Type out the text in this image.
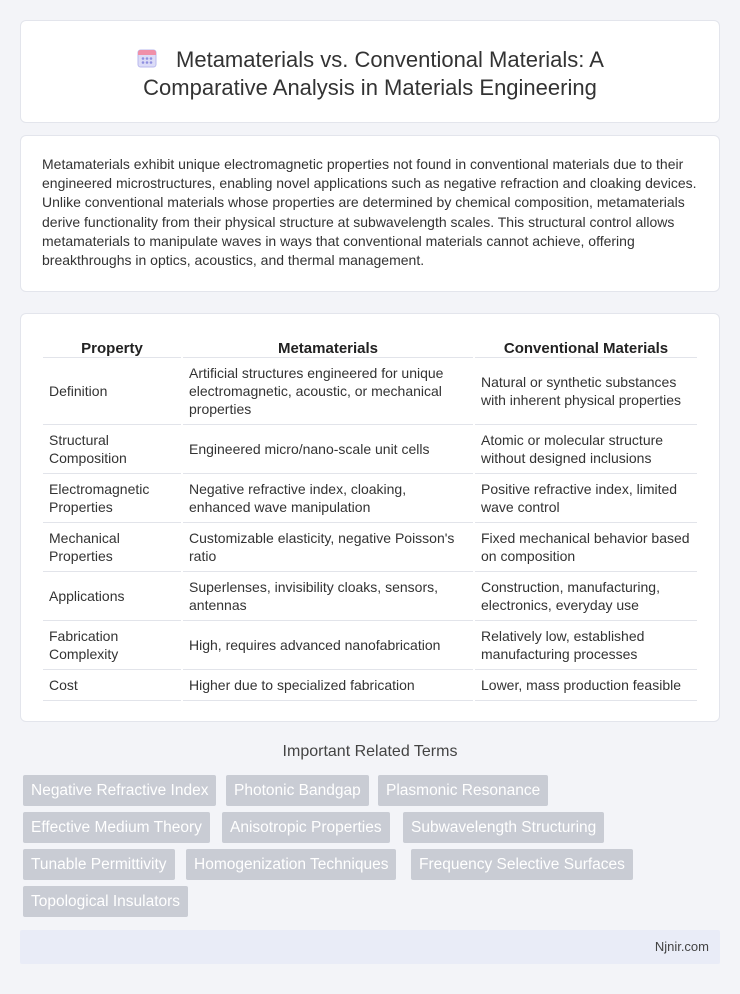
Metamaterials vs. Conventional Materials: A
Comparative Analysis in Materials Engineering

Metamaterials exhibit unique electromagnetic properties not found in conventional materials due to their engineered microstructures, enabling novel applications such as negative refraction and cloaking devices. Unlike conventional materials whose properties are determined by chemical composition, metamaterials derive functionality from their physical structure at subwavelength scales. This structural control allows metamaterials to manipulate waves in ways that conventional materials cannot achieve, offering breakthroughs in optics, acoustics, and thermal management.

Property	Metamaterials	Conventional Materials
Definition	Artificial structures engineered for unique electromagnetic, acoustic, or mechanical properties	Natural or synthetic substances with inherent physical properties
Structural Composition	Engineered micro/nano-scale unit cells	Atomic or molecular structure without designed inclusions
Electromagnetic Properties	Negative refractive index, cloaking, enhanced wave manipulation	Positive refractive index, limited wave control
Mechanical Properties	Customizable elasticity, negative Poisson's ratio	Fixed mechanical behavior based on composition
Applications	Superlenses, invisibility cloaks, sensors, antennas	Construction, manufacturing, electronics, everyday use
Fabrication Complexity	High, requires advanced nanofabrication	Relatively low, established manufacturing processes
Cost	Higher due to specialized fabrication	Lower, mass production feasible
Important Related Terms
Negative Refractive Index	Photonic Bandgap	Plasmonic Resonance
Effective Medium Theory	Anisotropic Properties	Subwavelength Structuring
Tunable Permittivity	Homogenization Techniques	Frequency Selective Surfaces
Topological Insulators
Njnir.com
